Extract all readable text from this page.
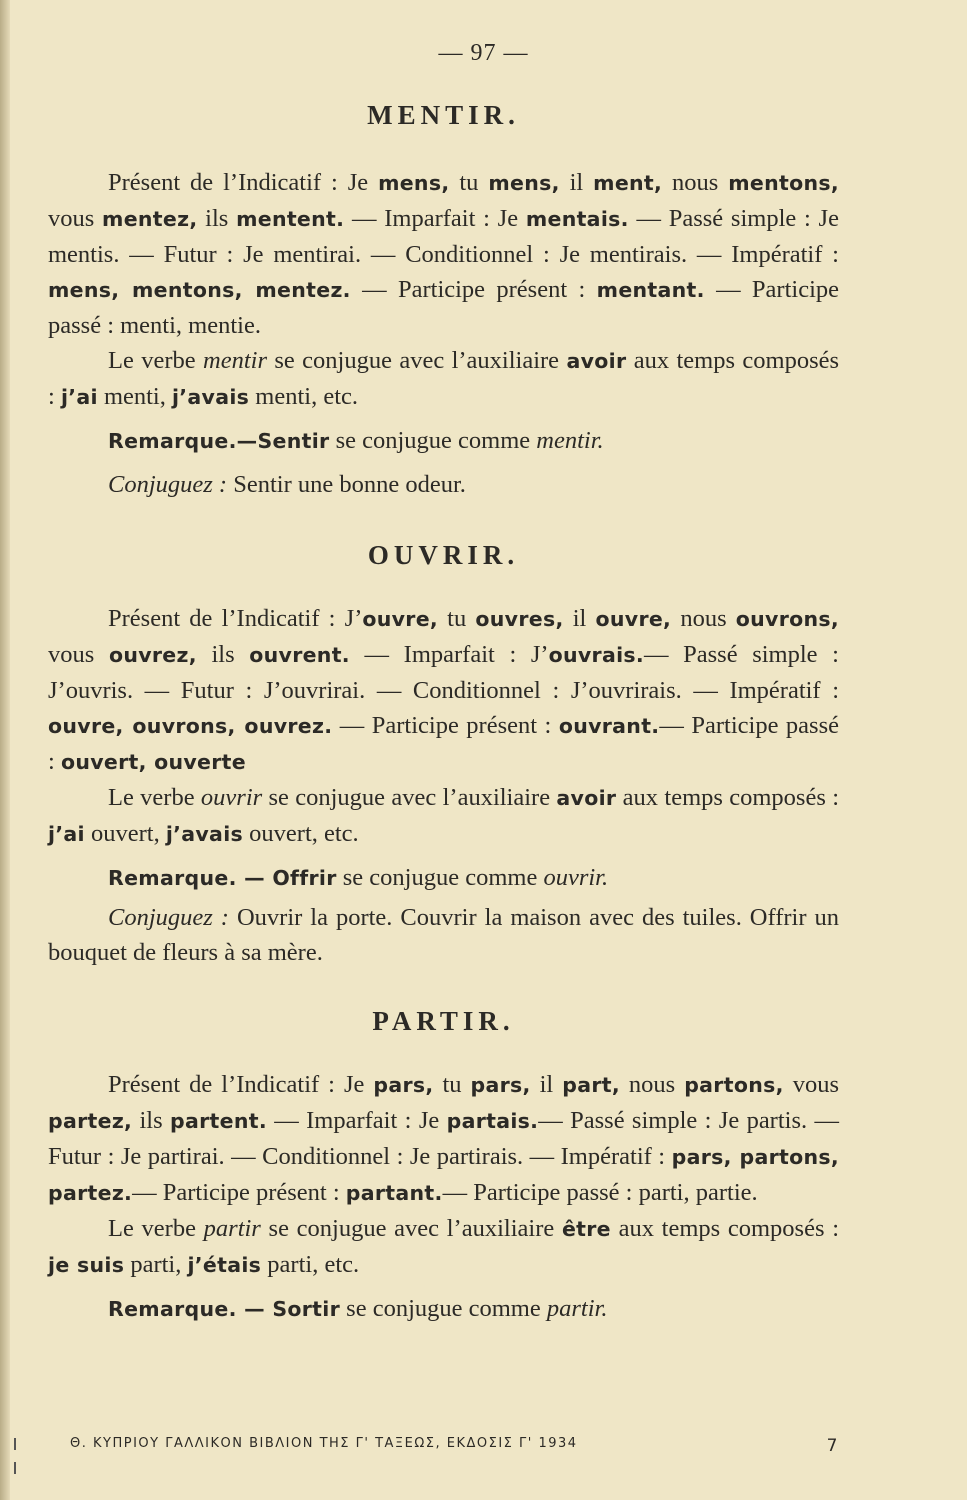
— 97 —
MENTIR.

Présent de l’Indicatif : Je mens, tu mens, il ment, nous mentons, vous mentez, ils mentent. — Imparfait : Je mentais. — Passé simple : Je mentis. — Futur : Je mentirai. — Conditionnel : Je mentirais. — Impératif : mens, mentons, mentez. — Participe présent : mentant. — Participe passé : menti, mentie.

Le verbe mentir se conjugue avec l’auxiliaire avoir aux temps composés : j’ai menti, j’avais menti, etc.

Remarque.—Sentir se conjugue comme mentir.

Conjuguez : Sentir une bonne odeur.

OUVRIR.

Présent de l’Indicatif : J’ouvre, tu ouvres, il ouvre, nous ouvrons, vous ouvrez, ils ouvrent. — Imparfait : J’ouvrais.— Passé simple : J’ouvris. — Futur : J’ouvrirai. — Conditionnel : J’ouvrirais. — Impératif : ouvre, ouvrons, ouvrez. — Participe présent : ouvrant.— Participe passé : ouvert, ouverte

Le verbe ouvrir se conjugue avec l’auxiliaire avoir aux temps composés : j’ai ouvert, j’avais ouvert, etc.

Remarque. — Offrir se conjugue comme ouvrir.

Conjuguez : Ouvrir la porte. Couvrir la maison avec des tuiles. Offrir un bouquet de fleurs à sa mère.

PARTIR.

Présent de l’Indicatif : Je pars, tu pars, il part, nous partons, vous partez, ils partent. — Imparfait : Je partais.— Passé simple : Je partis. — Futur : Je partirai. — Conditionnel : Je partirais. — Impératif : pars, partons, partez.— Participe présent : partant.— Participe passé : parti, partie.

Le verbe partir se conjugue avec l’auxiliaire être aux temps composés : je suis parti, j’étais parti, etc.

Remarque. — Sortir se conjugue comme partir.

Θ. ΚΥΠΡΙΟΥ ΓΑΛΛΙΚΟΝ ΒΙΒΛΙΟΝ ΤΗΣ Γ' ΤΑΞΕΩΣ, ΕΚΔΟΣΙΣ Γ' 1934	7
